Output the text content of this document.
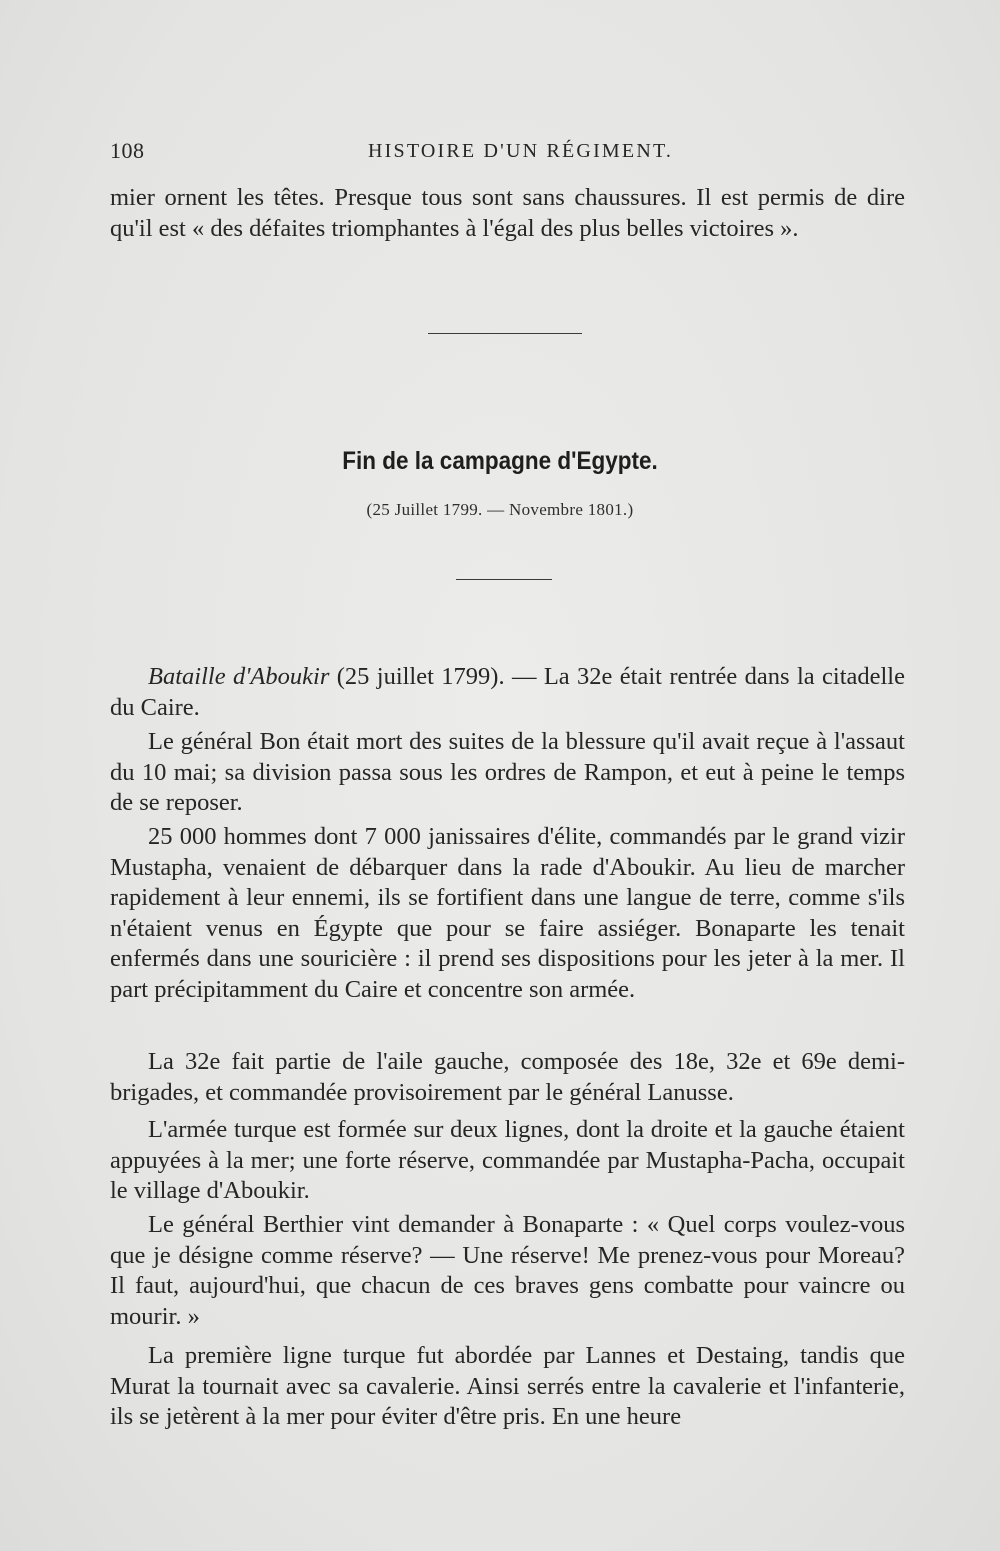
108	HISTOIRE D'UN RÉGIMENT.

mier ornent les têtes. Presque tous sont sans chaussures. Il est permis de dire qu'il est « des défaites triomphantes à l'égal des plus belles victoires ».

Fin de la campagne d'Egypte.
(25 Juillet 1799. — Novembre 1801.)

Bataille d'Aboukir (25 juillet 1799). — La 32e était rentrée dans la citadelle du Caire.

Le général Bon était mort des suites de la blessure qu'il avait reçue à l'assaut du 10 mai; sa division passa sous les ordres de Rampon, et eut à peine le temps de se reposer.

25 000 hommes dont 7 000 janissaires d'élite, commandés par le grand vizir Mustapha, venaient de débarquer dans la rade d'Aboukir. Au lieu de marcher rapidement à leur ennemi, ils se fortifient dans une langue de terre, comme s'ils n'étaient venus en Égypte que pour se faire assiéger. Bonaparte les tenait enfermés dans une souricière : il prend ses dispositions pour les jeter à la mer. Il part précipitamment du Caire et concentre son armée.

La 32e fait partie de l'aile gauche, composée des 18e, 32e et 69e demi-brigades, et commandée provisoirement par le général Lanusse.

L'armée turque est formée sur deux lignes, dont la droite et la gauche étaient appuyées à la mer; une forte réserve, commandée par Mustapha-Pacha, occupait le village d'Aboukir.

Le général Berthier vint demander à Bonaparte : « Quel corps voulez-vous que je désigne comme réserve? — Une réserve! Me prenez-vous pour Moreau? Il faut, aujourd'hui, que chacun de ces braves gens combatte pour vaincre ou mourir. »

La première ligne turque fut abordée par Lannes et Destaing, tandis que Murat la tournait avec sa cavalerie. Ainsi serrés entre la cavalerie et l'infanterie, ils se jetèrent à la mer pour éviter d'être pris. En une heure
